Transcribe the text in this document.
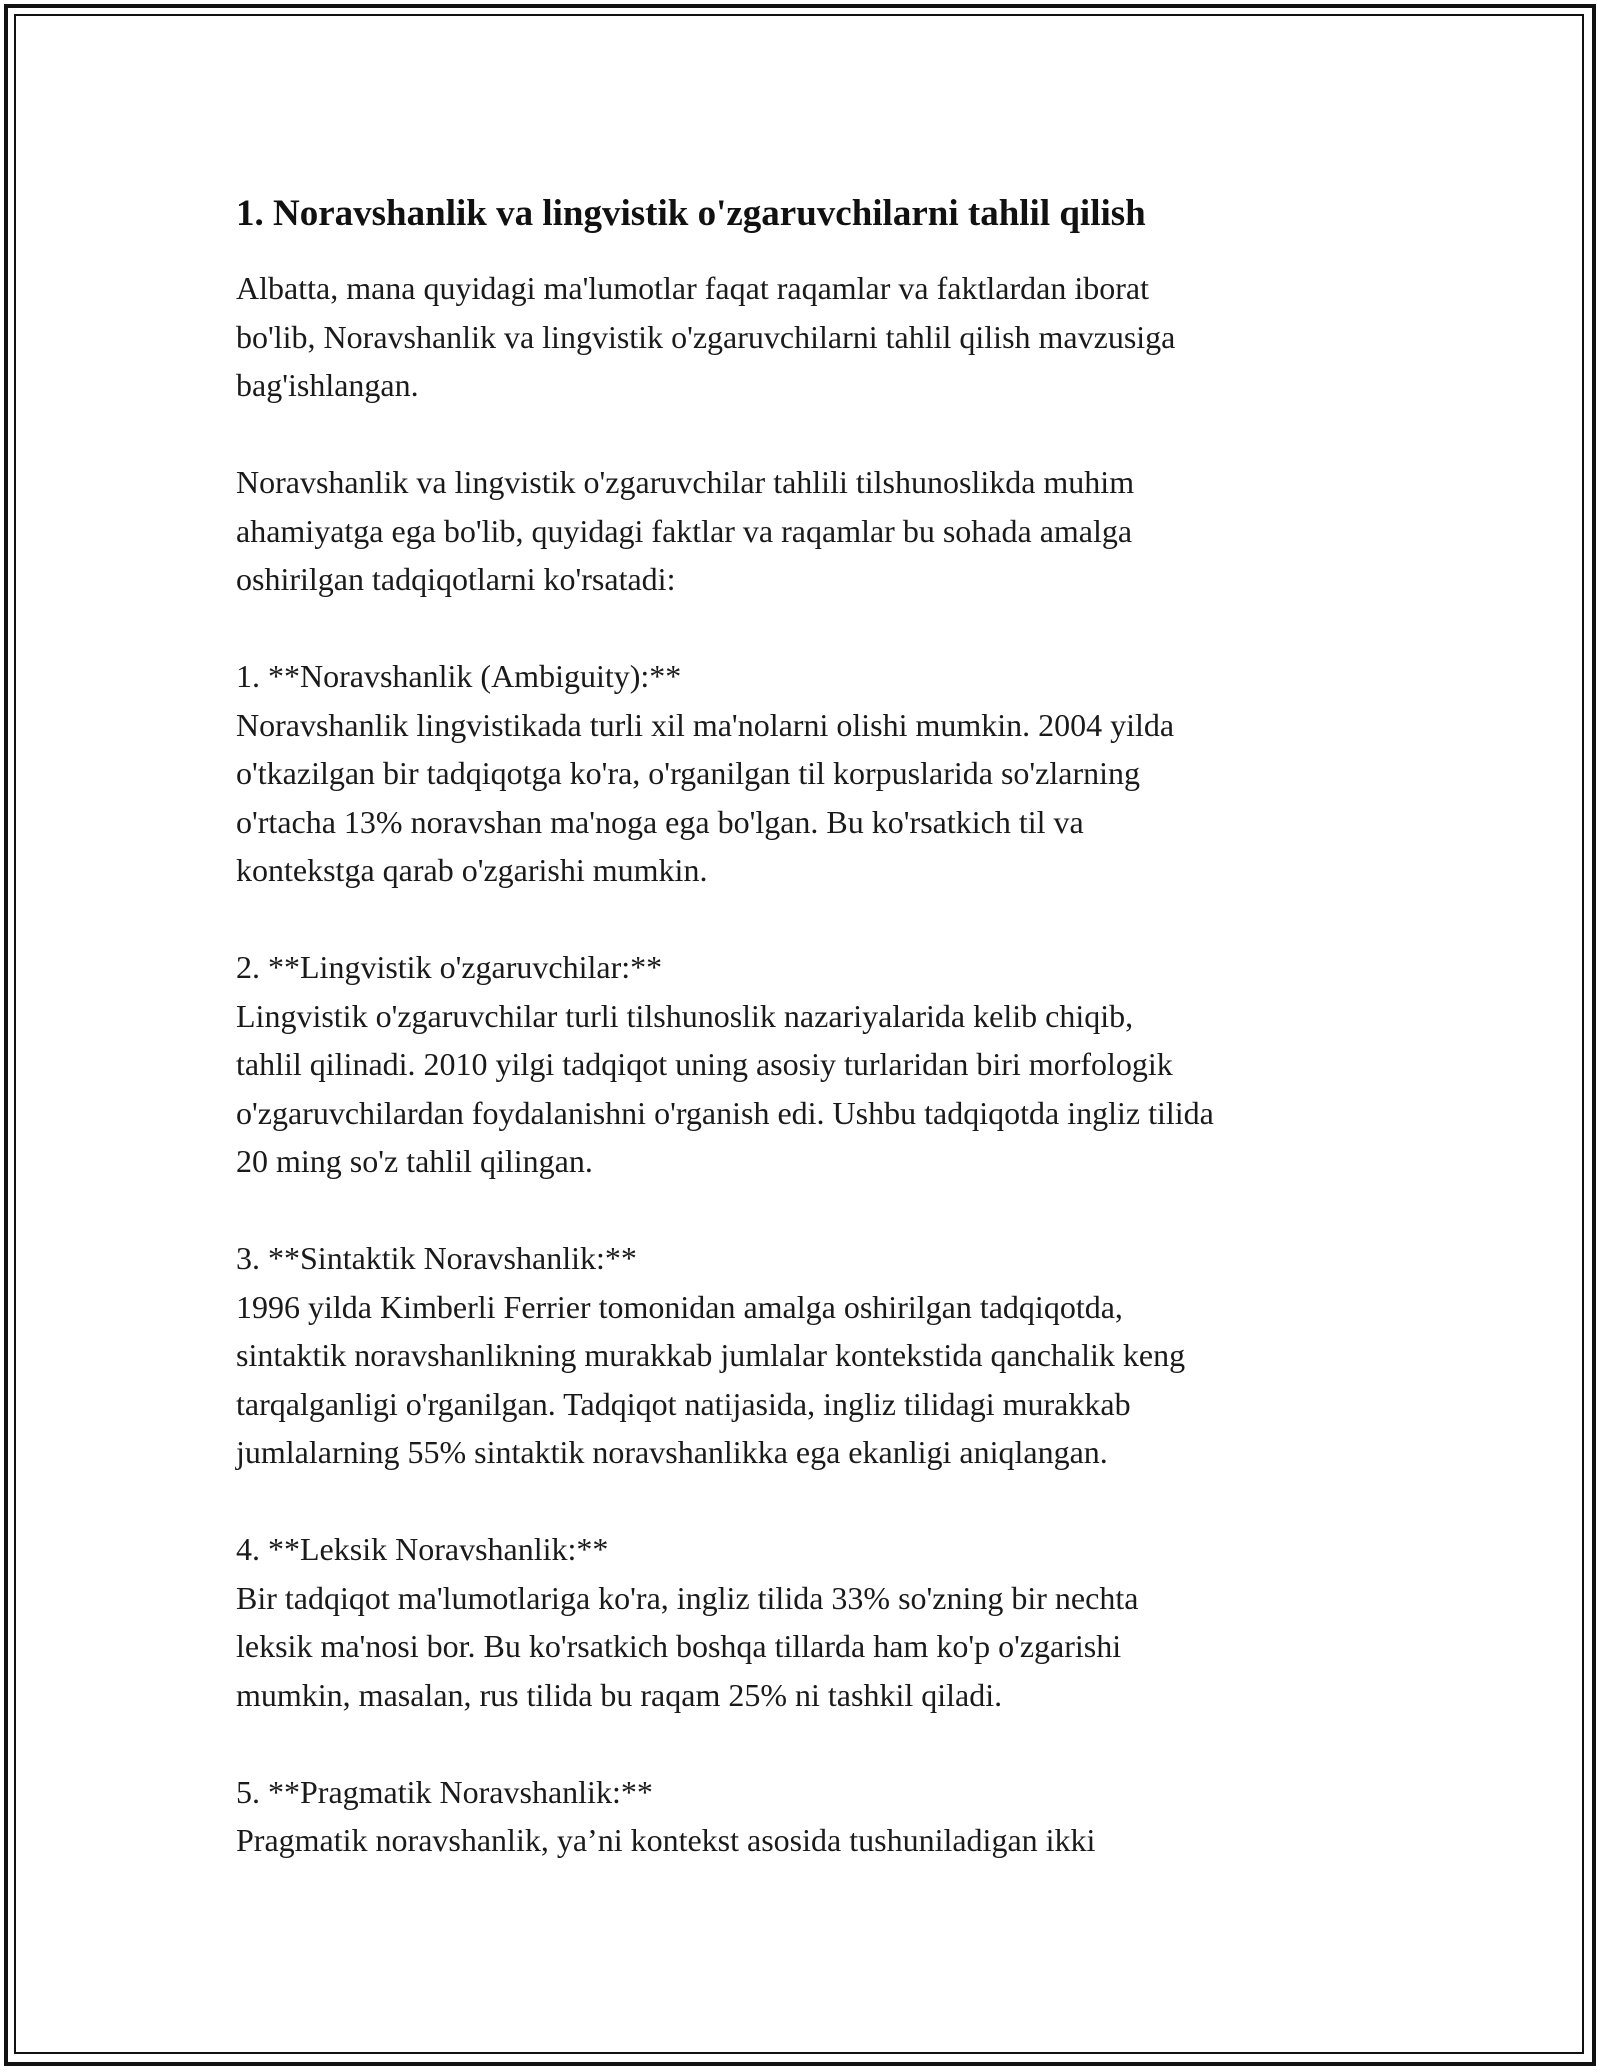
1. Noravshanlik va lingvistik o'zgaruvchilarni tahlil qilish

Albatta, mana quyidagi ma'lumotlar faqat raqamlar va faktlardan iborat
bo'lib, Noravshanlik va lingvistik o'zgaruvchilarni tahlil qilish mavzusiga
bag'ishlangan.

Noravshanlik va lingvistik o'zgaruvchilar tahlili tilshunoslikda muhim
ahamiyatga ega bo'lib, quyidagi faktlar va raqamlar bu sohada amalga
oshirilgan tadqiqotlarni ko'rsatadi:

1. **Noravshanlik (Ambiguity):**

Noravshanlik lingvistikada turli xil ma'nolarni olishi mumkin. 2004 yilda
o'tkazilgan bir tadqiqotga ko'ra, o'rganilgan til korpuslarida so'zlarning
o'rtacha 13% noravshan ma'noga ega bo'lgan. Bu ko'rsatkich til va
kontekstga qarab o'zgarishi mumkin.

2. **Lingvistik o'zgaruvchilar:**

Lingvistik o'zgaruvchilar turli tilshunoslik nazariyalarida kelib chiqib,
tahlil qilinadi. 2010 yilgi tadqiqot uning asosiy turlaridan biri morfologik
o'zgaruvchilardan foydalanishni o'rganish edi. Ushbu tadqiqotda ingliz tilida
20 ming so'z tahlil qilingan.

3. **Sintaktik Noravshanlik:**

1996 yilda Kimberli Ferrier tomonidan amalga oshirilgan tadqiqotda,
sintaktik noravshanlikning murakkab jumlalar kontekstida qanchalik keng
tarqalganligi o'rganilgan. Tadqiqot natijasida, ingliz tilidagi murakkab
jumlalarning 55% sintaktik noravshanlikka ega ekanligi aniqlangan.

4. **Leksik Noravshanlik:**

Bir tadqiqot ma'lumotlariga ko'ra, ingliz tilida 33% so'zning bir nechta
leksik ma'nosi bor. Bu ko'rsatkich boshqa tillarda ham ko'p o'zgarishi
mumkin, masalan, rus tilida bu raqam 25% ni tashkil qiladi.

5. **Pragmatik Noravshanlik:**

Pragmatik noravshanlik, ya’ni kontekst asosida tushuniladigan ikki
